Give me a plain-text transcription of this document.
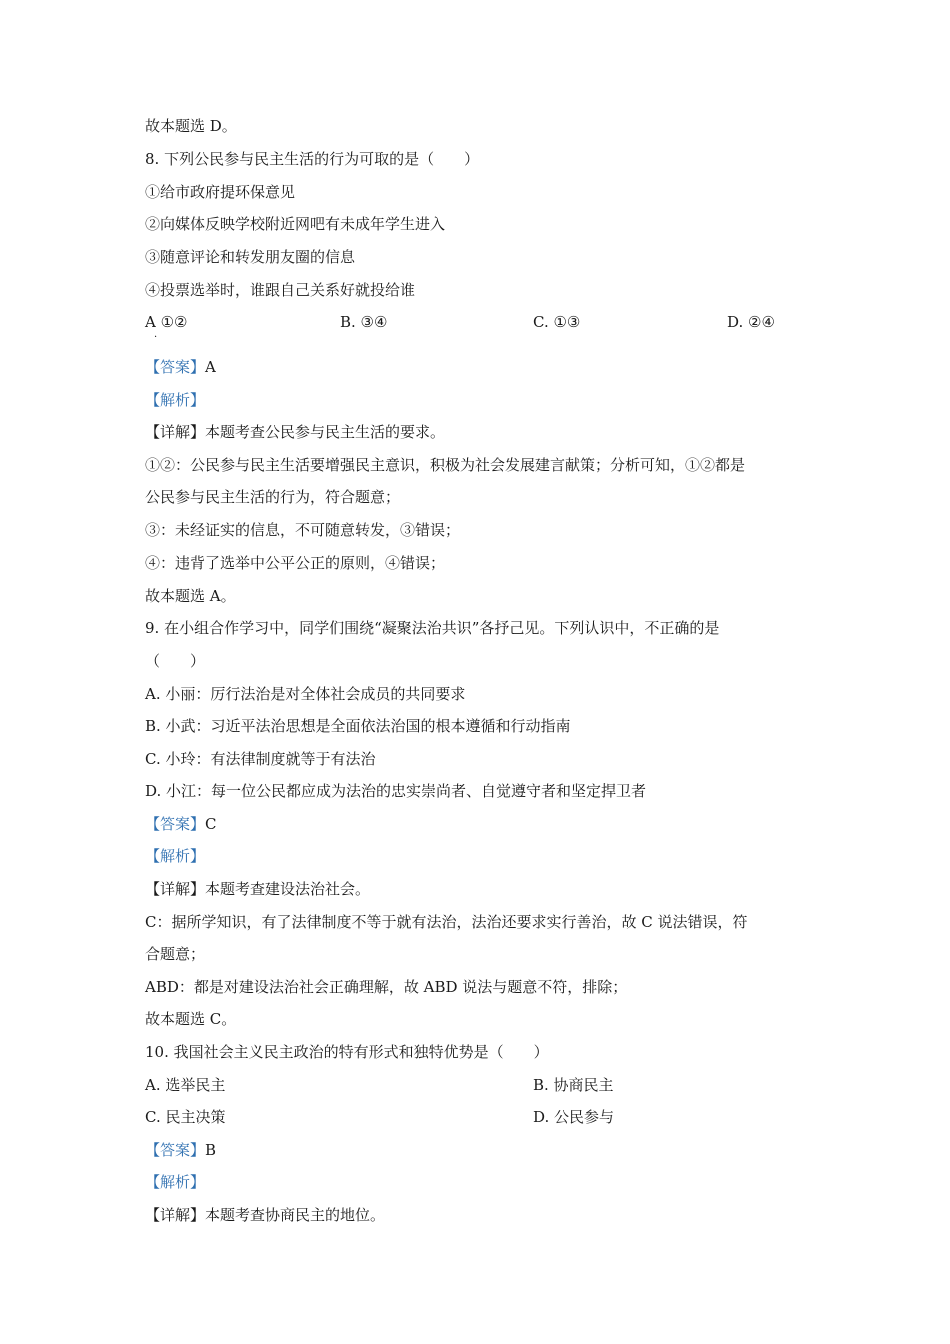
故本题选 D。

8. 下列公民参与民主生活的行为可取的是（　　）

①给市政府提环保意见

②向媒体反映学校附近网吧有未成年学生进入

③随意评论和转发朋友圈的信息

④投票选举时，谁跟自己关系好就投给谁

A ①②	B. ③④	C. ①③	D. ②④

·

【答案】A

【解析】

【详解】本题考查公民参与民主生活的要求。

①②：公民参与民主生活要增强民主意识，积极为社会发展建言献策；分析可知，①②都是

公民参与民主生活的行为，符合题意；

③：未经证实的信息，不可随意转发，③错误；

④：违背了选举中公平公正的原则，④错误；

故本题选 A。

9. 在小组合作学习中，同学们围绕“凝聚法治共识”各抒己见。下列认识中，不正确的是

（　　）

A. 小丽：厉行法治是对全体社会成员的共同要求

B. 小武：习近平法治思想是全面依法治国的根本遵循和行动指南

C. 小玲：有法律制度就等于有法治

D. 小江：每一位公民都应成为法治的忠实崇尚者、自觉遵守者和坚定捍卫者

【答案】C

【解析】

【详解】本题考查建设法治社会。

C：据所学知识，有了法律制度不等于就有法治，法治还要求实行善治，故 C 说法错误，符

合题意；

ABD：都是对建设法治社会正确理解，故 ABD 说法与题意不符，排除；

故本题选 C。

10. 我国社会主义民主政治的特有形式和独特优势是（　　）

A. 选举民主	B. 协商民主

C. 民主决策	D. 公民参与

【答案】B

【解析】

【详解】本题考查协商民主的地位。
